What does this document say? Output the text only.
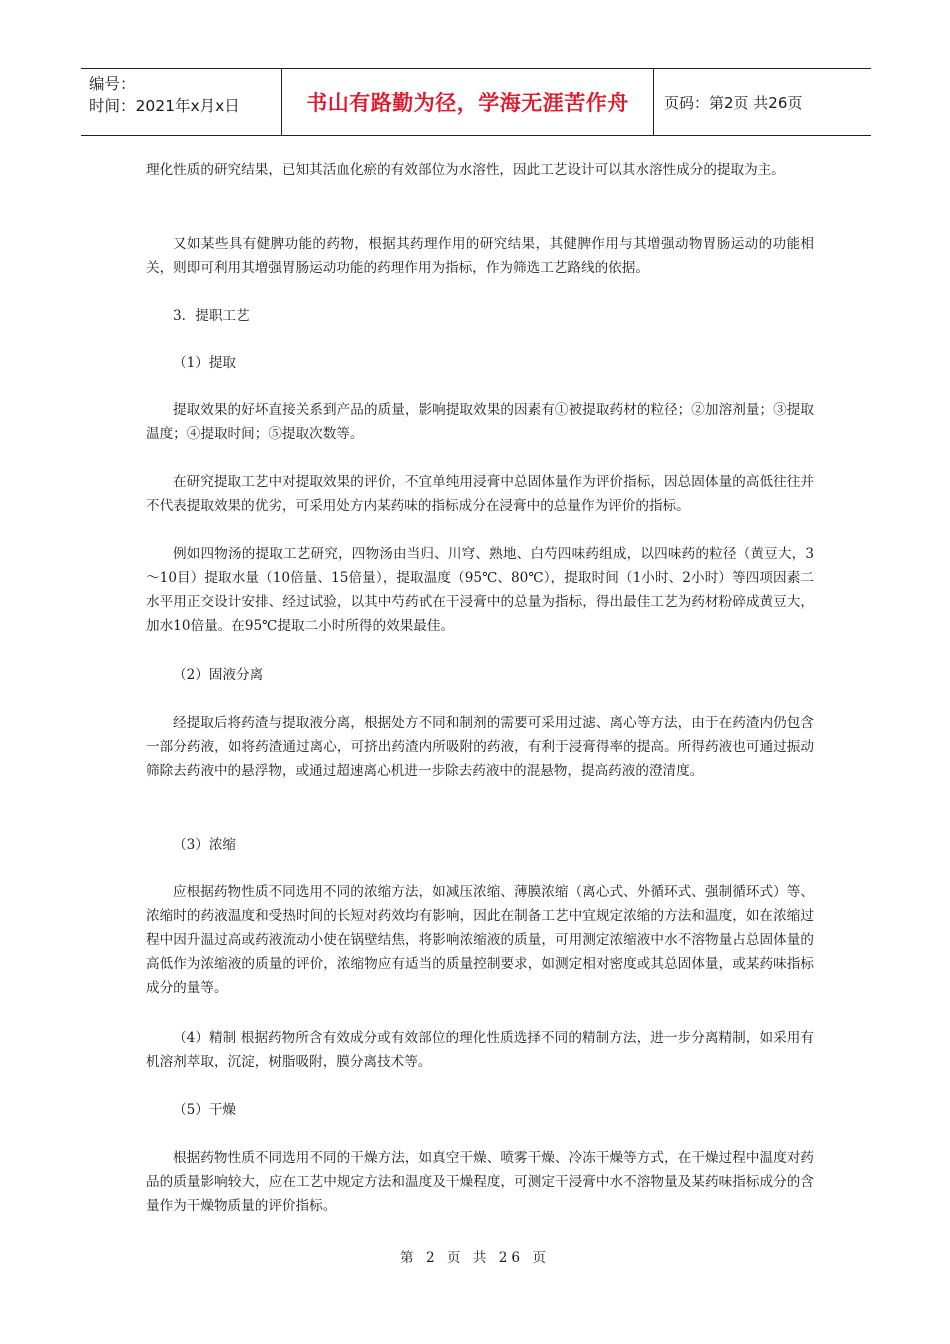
编号：
时间：2021年x月x日	书山有路勤为径，学海无涯苦作舟	页码：第2页 共26页

理化性质的研究结果，已知其活血化瘀的有效部位为水溶性，因此工艺设计可以其水溶性成分的提取为主。

又如某些具有健脾功能的药物，根据其药理作用的研究结果，其健脾作用与其增强动物胃肠运动的功能相关，则即可利用其增强胃肠运动功能的药理作用为指标，作为筛选工艺路线的依据。

3．提职工艺

（1）提取

提取效果的好坏直接关系到产品的质量，影响提取效果的因素有①被提取药材的粒径；②加溶剂量；③提取温度；④提取时间；⑤提取次数等。

在研究提取工艺中对提取效果的评价，不宜单纯用浸膏中总固体量作为评价指标，因总固体量的高低往往并不代表提取效果的优劣，可采用处方内某药味的指标成分在浸膏中的总量作为评价的指标。

例如四物汤的提取工艺研究，四物汤由当归、川穹、熟地、白芍四味药组成，以四味药的粒径（黄豆大，3～10目）提取水量（10倍量、15倍量），提取温度（95℃、80℃），提取时间（1小时、2小时）等四项因素二水平用正交设计安排、经过试验，以其中芍药甙在干浸膏中的总量为指标，得出最佳工艺为药材粉碎成黄豆大，加水10倍量。在95℃提取二小时所得的效果最佳。

（2）固液分离

经提取后将药渣与提取液分离，根据处方不同和制剂的需要可采用过滤、离心等方法，由于在药渣内仍包含一部分药液，如将药渣通过离心，可挤出药渣内所吸附的药液，有利于浸膏得率的提高。所得药液也可通过振动筛除去药液中的悬浮物，或通过超速离心机进一步除去药液中的混悬物，提高药液的澄清度。

（3）浓缩

应根据药物性质不同选用不同的浓缩方法，如减压浓缩、薄膜浓缩（离心式、外循环式、强制循环式）等、浓缩时的药液温度和受热时间的长短对药效均有影响，因此在制备工艺中宜规定浓缩的方法和温度，如在浓缩过程中因升温过高或药液流动小使在锅壁结焦，将影响浓缩液的质量，可用测定浓缩液中水不溶物量占总固体量的高低作为浓缩液的质量的评价，浓缩物应有适当的质量控制要求，如测定相对密度或其总固体量，或某药味指标成分的量等。

（4）精制 根据药物所含有效成分或有效部位的理化性质选择不同的精制方法，进一步分离精制，如采用有机溶剂萃取，沉淀，树脂吸附，膜分离技术等。

（5）干燥

根据药物性质不同选用不同的干燥方法，如真空干燥、喷雾干燥、冷冻干燥等方式，在干燥过程中温度对药品的质量影响较大，应在工艺中规定方法和温度及干燥程度，可测定干浸膏中水不溶物量及某药味指标成分的含量作为干燥物质量的评价指标。

第 2 页 共 26 页
